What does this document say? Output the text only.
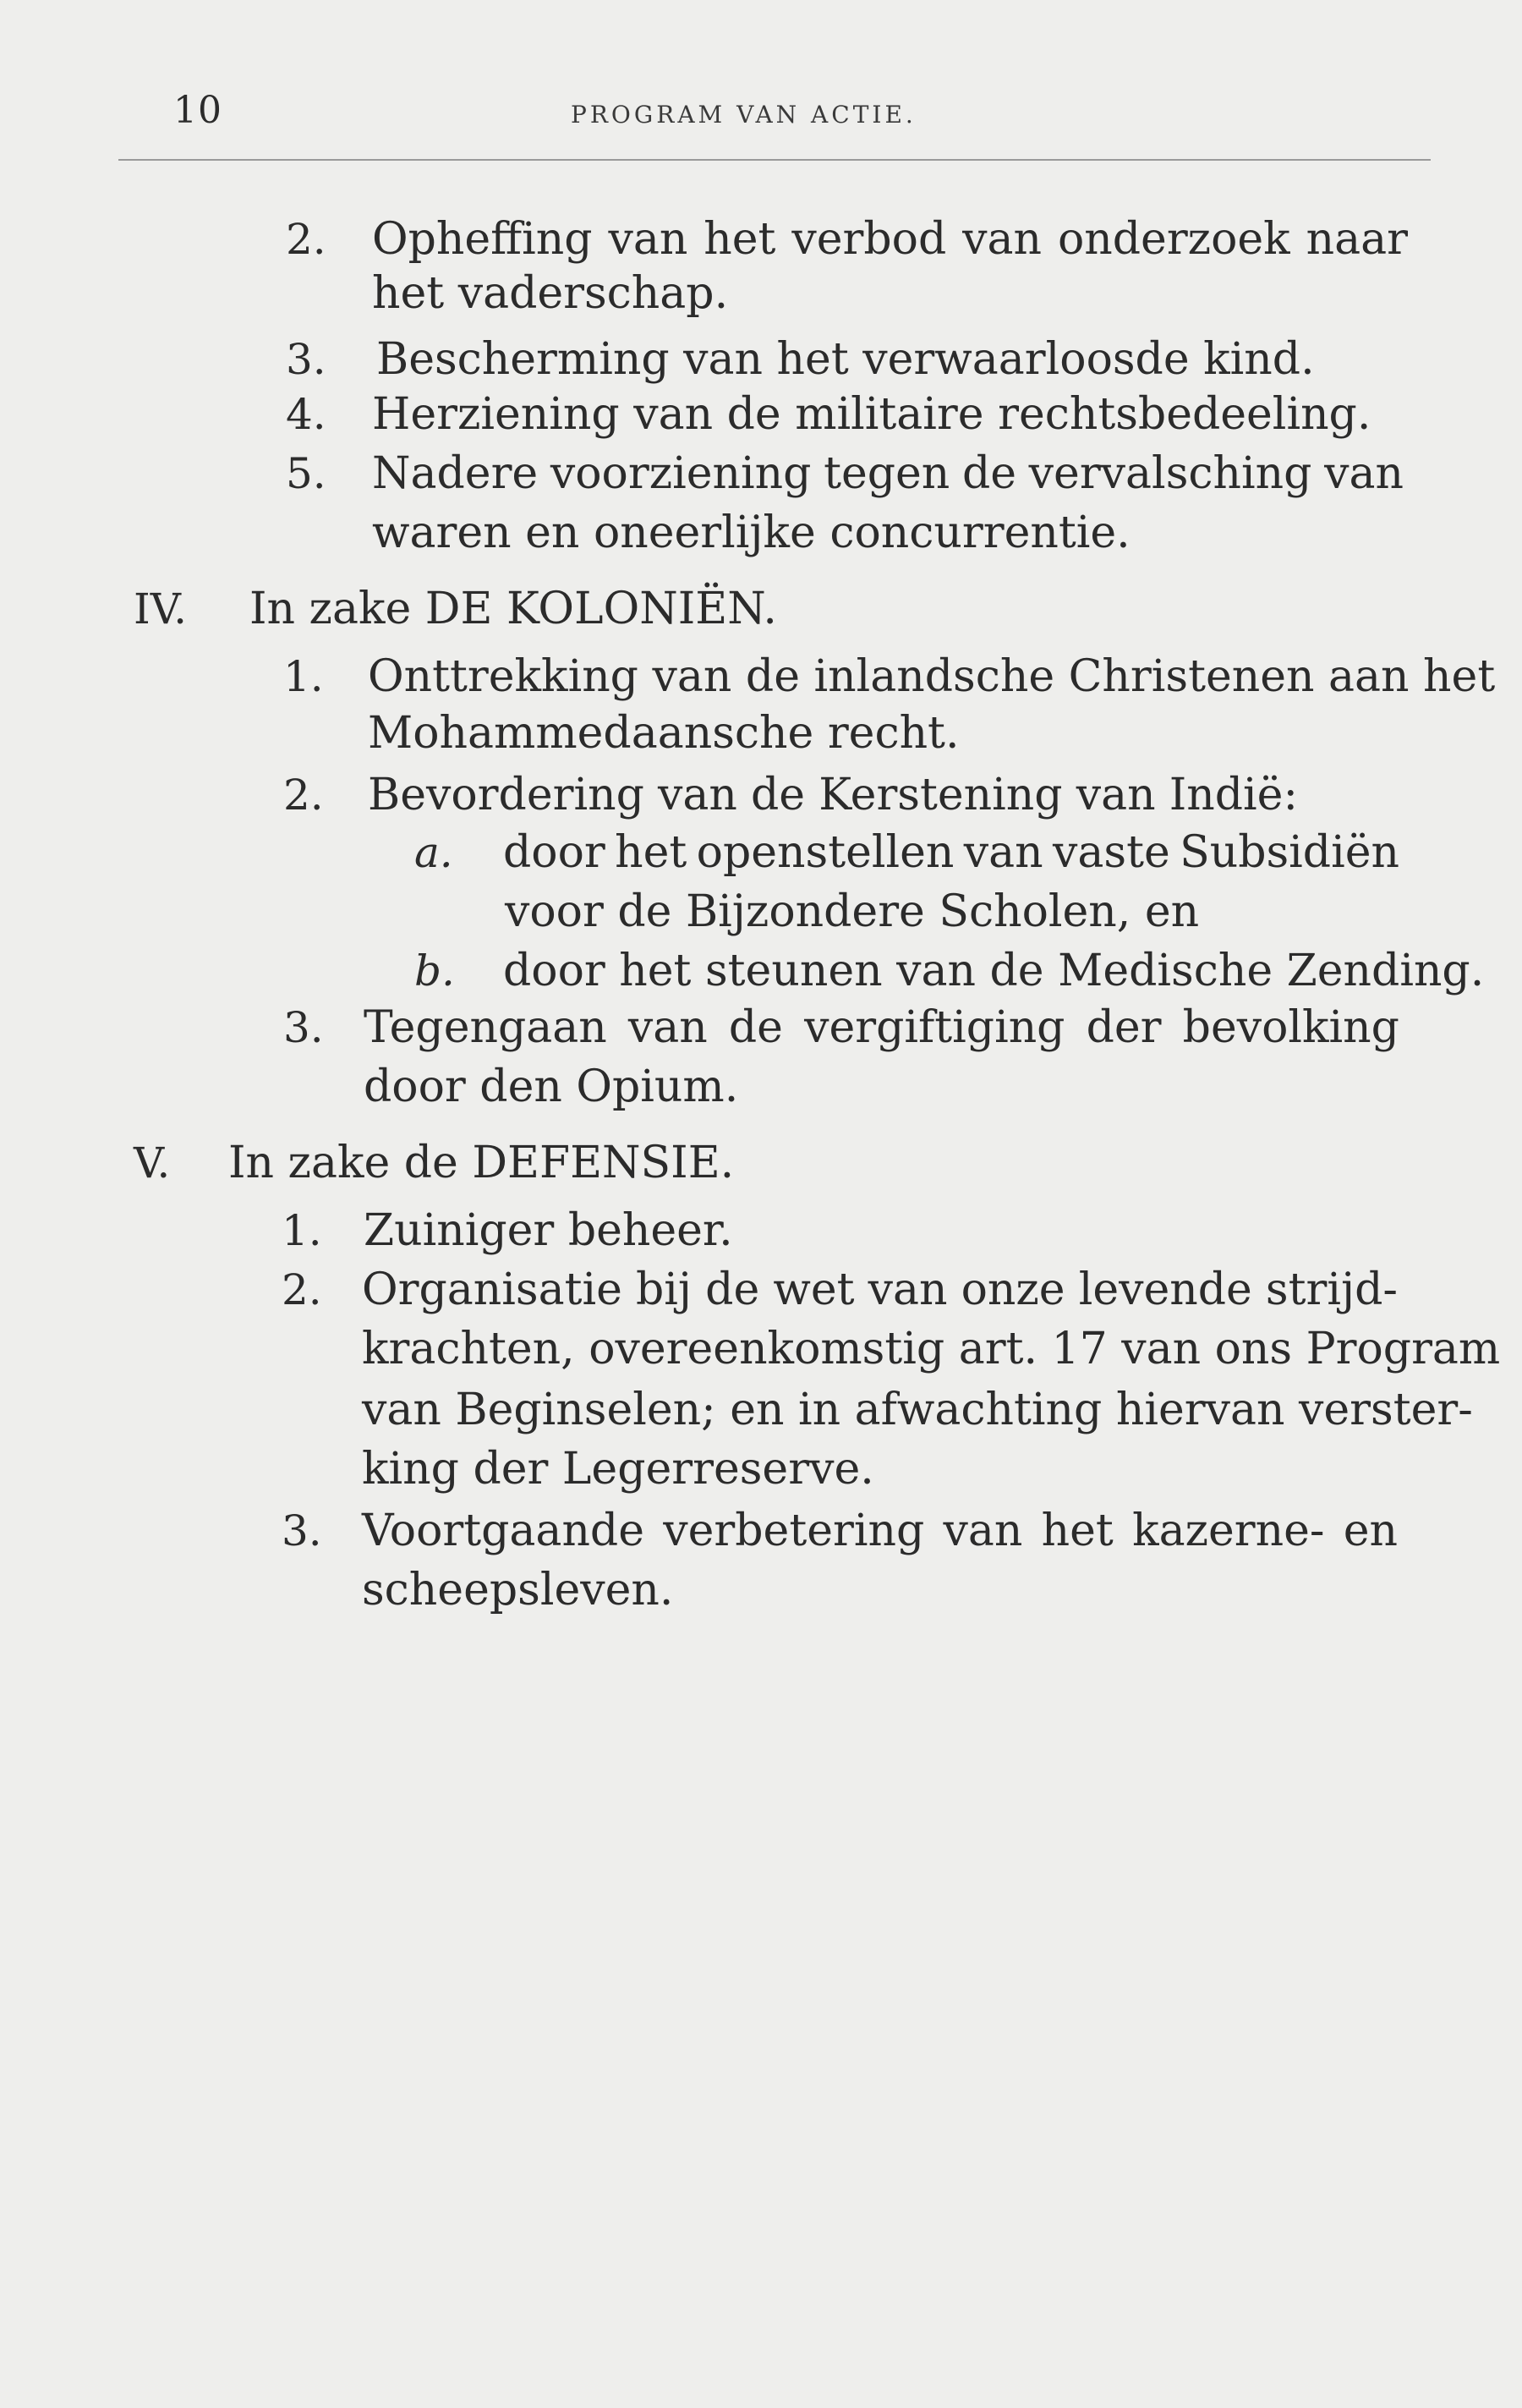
10	PROGRAM VAN ACTIE.
2. Opheffing van het verbod van onderzoek naar
het vaderschap.
3. Bescherming van het verwaarloosde kind.
4. Herziening van de militaire rechtsbedeeling.
5. Nadere voorziening tegen de vervalsching van
waren en oneerlijke concurrentie.
IV. In zake DE KOLONIËN.
1. Onttrekking van de inlandsche Christenen aan het
Mohammedaansche recht.
2. Bevordering van de Kerstening van Indië:
a. door het openstellen van vaste Subsidiën
voor de Bijzondere Scholen, en
b. door het steunen van de Medische Zending.
3. Tegengaan van de vergiftiging der bevolking
door den Opium.
V. In zake de DEFENSIE.
1. Zuiniger beheer.
2. Organisatie bij de wet van onze levende strijd-
krachten, overeenkomstig art. 17 van ons Program
van Beginselen; en in afwachting hiervan verster-
king der Legerreserve.
3. Voortgaande verbetering van het kazerne- en
scheepsleven.
